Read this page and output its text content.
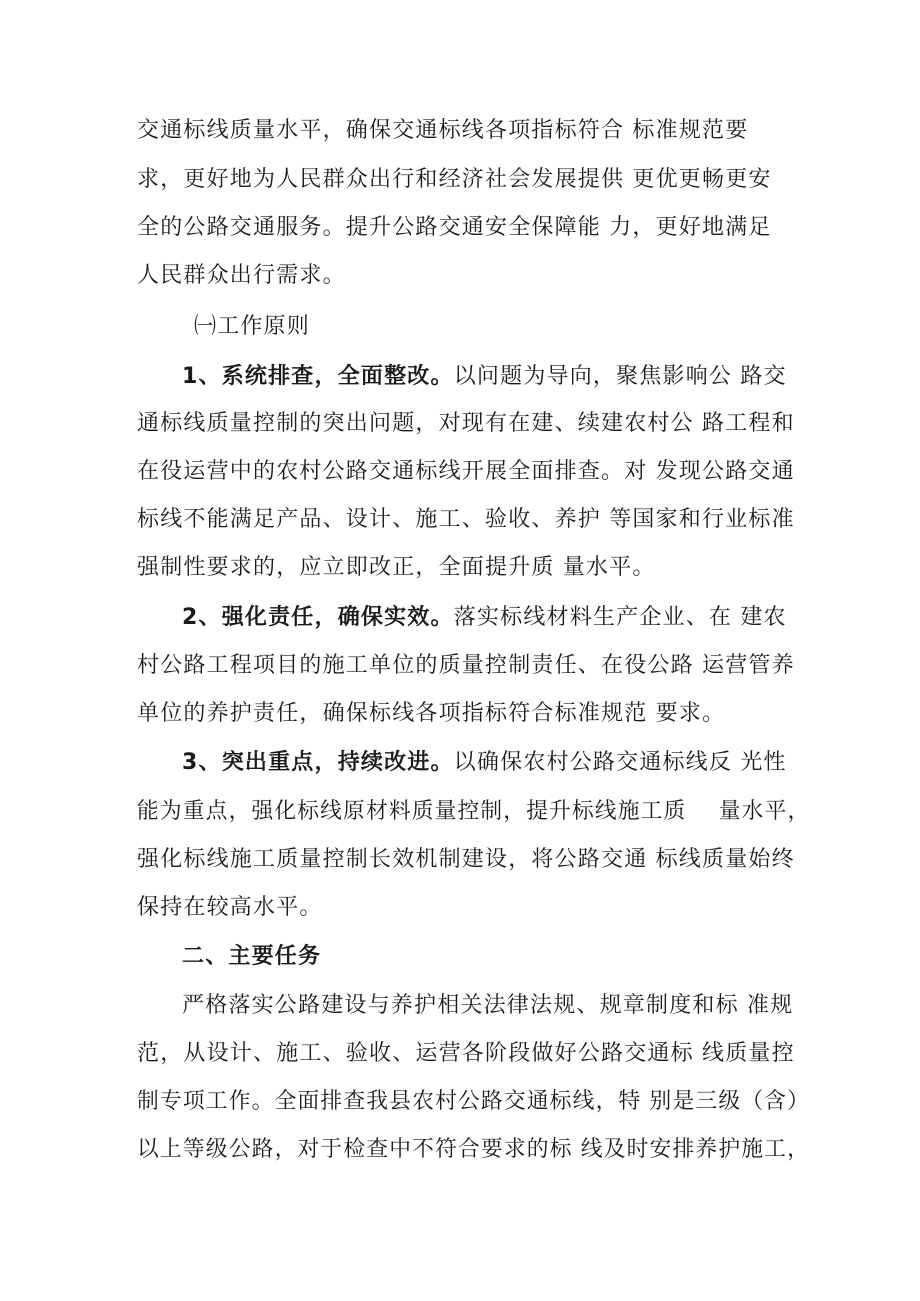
交通标线质量水平，确保交通标线各项指标符合 标准规范要
求，更好地为人民群众出行和经济社会发展提供 更优更畅更安
全的公路交通服务。提升公路交通安全保障能 力，更好地满足
人民群众出行需求。
㈠工作原则
1、系统排查，全面整改。以问题为导向，聚焦影响公 路交
通标线质量控制的突出问题，对现有在建、续建农村公 路工程和
在役运营中的农村公路交通标线开展全面排查。对 发现公路交通
标线不能满足产品、设计、施工、验收、养护 等国家和行业标准
强制性要求的，应立即改正，全面提升质 量水平。
2、强化责任，确保实效。落实标线材料生产企业、在 建农
村公路工程项目的施工单位的质量控制责任、在役公路 运营管养
单位的养护责任，确保标线各项指标符合标准规范 要求。
3、突出重点，持续改进。以确保农村公路交通标线反 光性
能为重点，强化标线原材料质量控制，提升标线施工质    量水平，
强化标线施工质量控制长效机制建设，将公路交通 标线质量始终
保持在较高水平。
二、主要任务
严格落实公路建设与养护相关法律法规、规章制度和标 准规
范，从设计、施工、验收、运营各阶段做好公路交通标 线质量控
制专项工作。全面排查我县农村公路交通标线，特 别是三级（含）
以上等级公路，对于检查中不符合要求的标 线及时安排养护施工，
